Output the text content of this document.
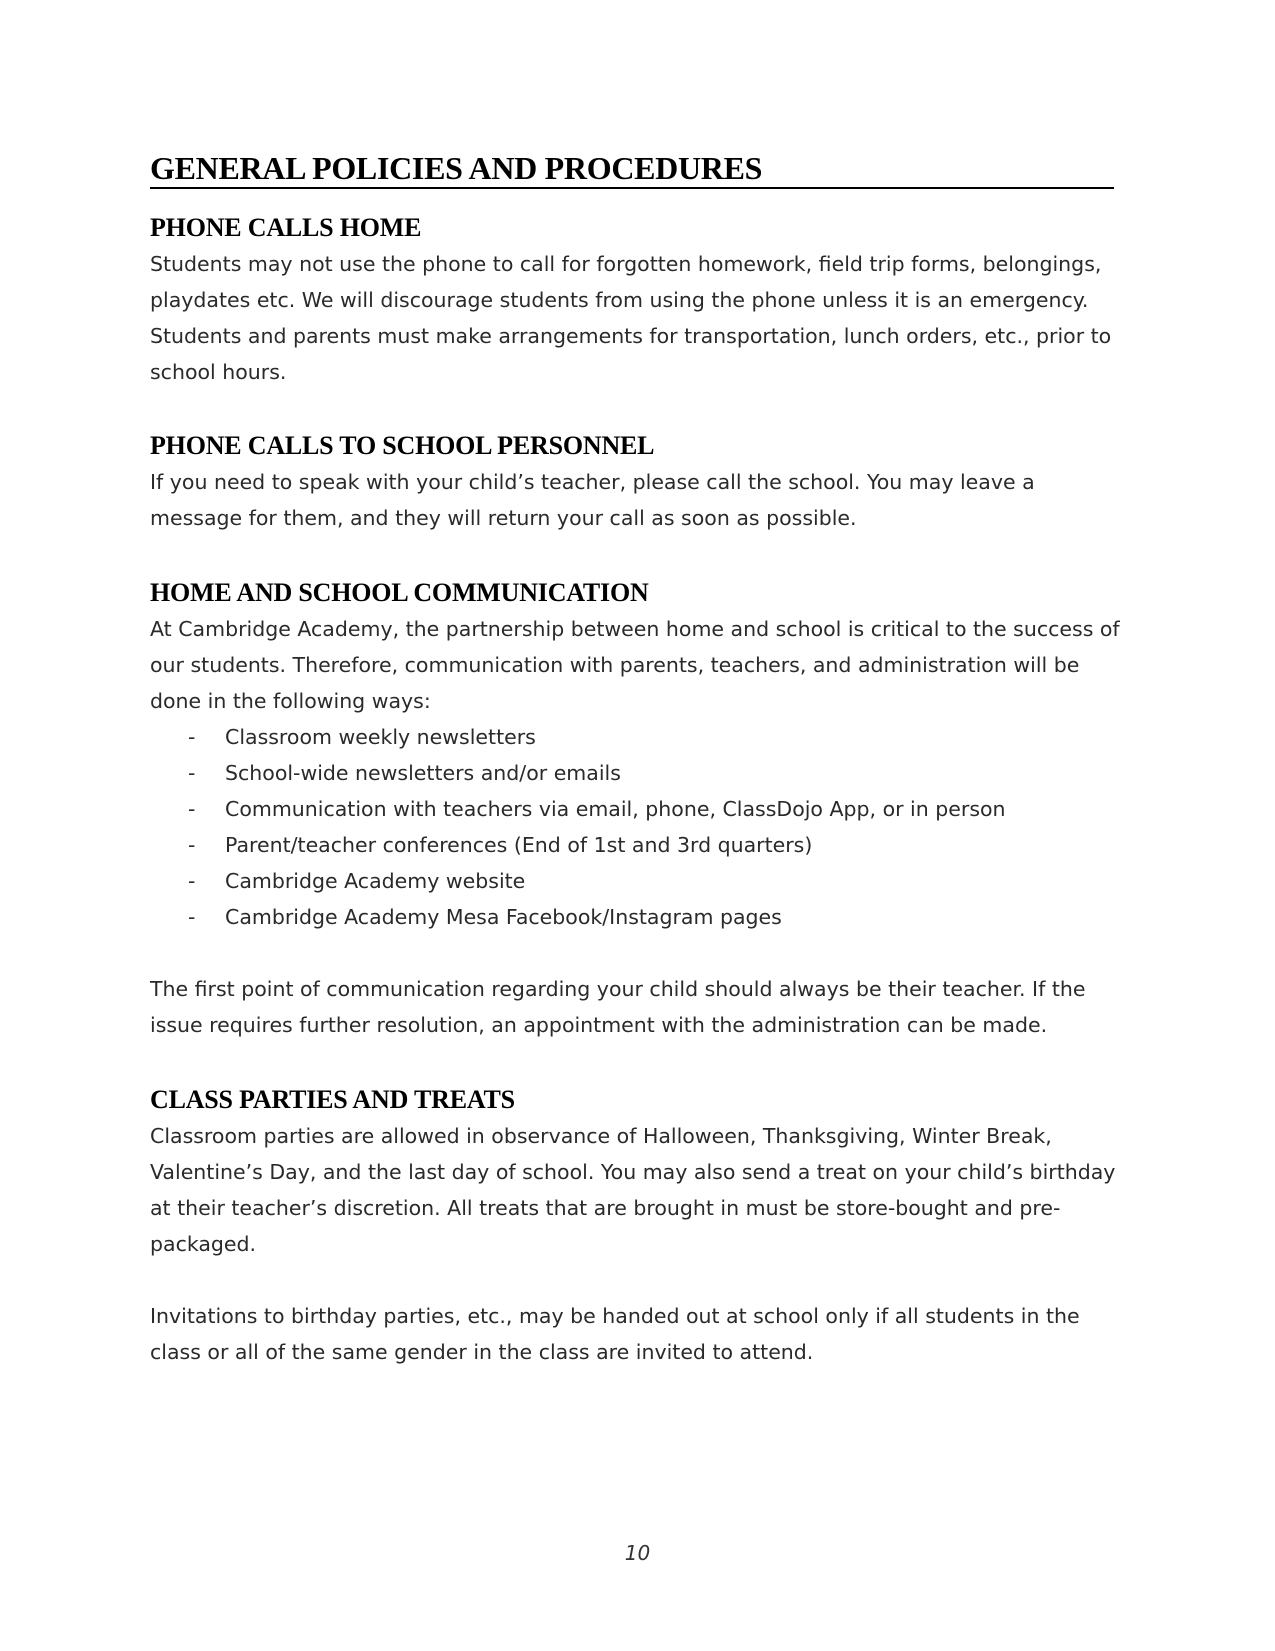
GENERAL POLICIES AND PROCEDURES
PHONE CALLS HOME

Students may not use the phone to call for forgotten homework, field trip forms, belongings, playdates etc. We will discourage students from using the phone unless it is an emergency. Students and parents must make arrangements for transportation, lunch orders, etc., prior to school hours.

PHONE CALLS TO SCHOOL PERSONNEL

If you need to speak with your child’s teacher, please call the school. You may leave a message for them, and they will return your call as soon as possible.

HOME AND SCHOOL COMMUNICATION

At Cambridge Academy, the partnership between home and school is critical to the success of our students. Therefore, communication with parents, teachers, and administration will be done in the following ways:

- Classroom weekly newsletters
- School-wide newsletters and/or emails
- Communication with teachers via email, phone, ClassDojo App, or in person
- Parent/teacher conferences (End of 1st and 3rd quarters)
- Cambridge Academy website
- Cambridge Academy Mesa Facebook/Instagram pages

The first point of communication regarding your child should always be their teacher. If the issue requires further resolution, an appointment with the administration can be made.

CLASS PARTIES AND TREATS

Classroom parties are allowed in observance of Halloween, Thanksgiving, Winter Break, Valentine’s Day, and the last day of school. You may also send a treat on your child’s birthday at their teacher’s discretion. All treats that are brought in must be store-bought and pre-packaged.

Invitations to birthday parties, etc., may be handed out at school only if all students in the class or all of the same gender in the class are invited to attend.

10
